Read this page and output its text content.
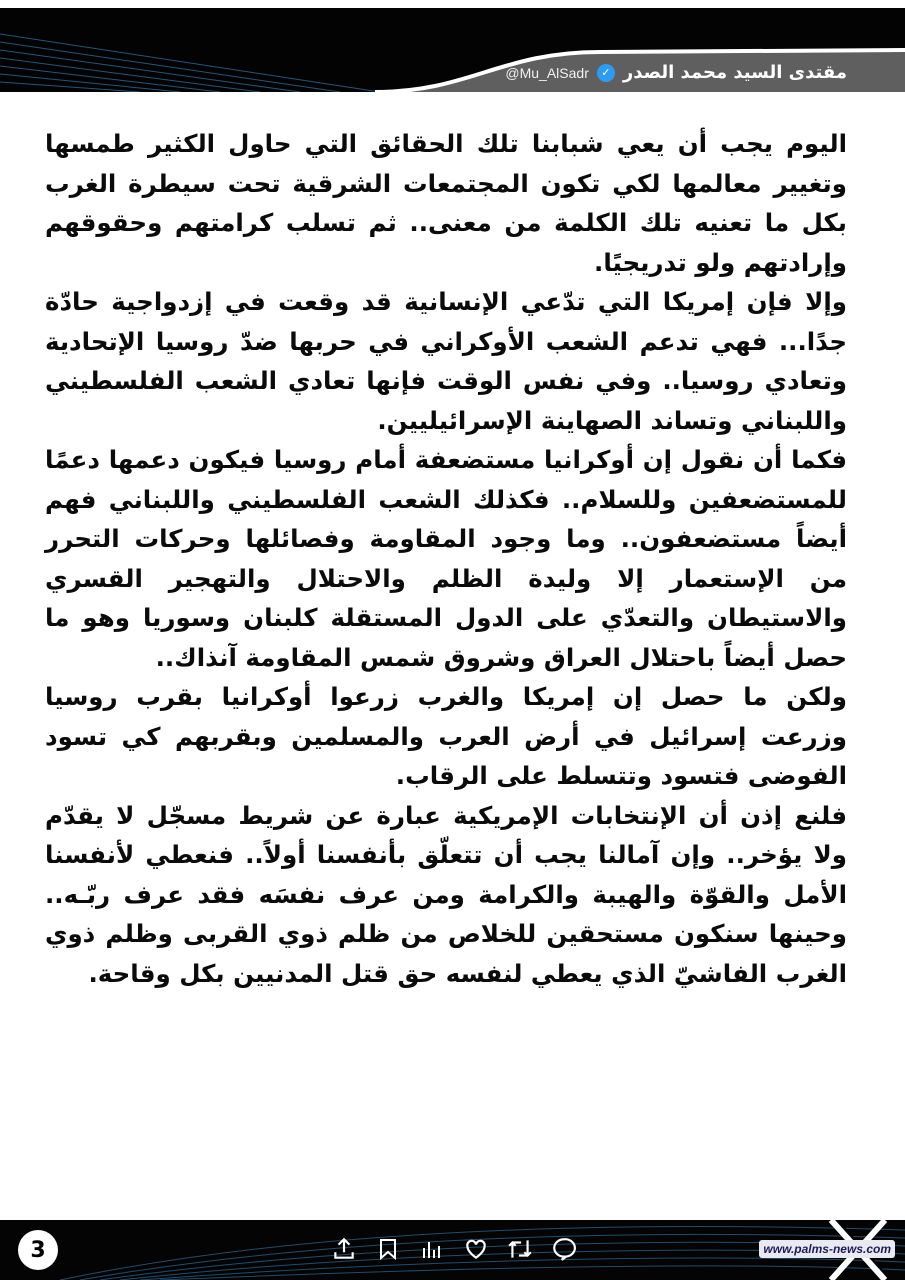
@Mu_AlSadr	✓ مقتدى السيد محمد الصدر

اليوم يجب أن يعي شبابنا تلك الحقائق التي حاول الكثير طمسها وتغيير معالمها لكي تكون المجتمعات الشرقية تحت سيطرة الغرب بكل ما تعنيه تلك الكلمة من معنى.. ثم تسلب كرامتهم وحقوقهم وإرادتهم ولو تدريجيًا.

وإلا فإن إمريكا التي تدّعي الإنسانية قد وقعت في إزدواجية حادّة جدًا... فهي تدعم الشعب الأوكراني في حربها ضدّ روسيا الإتحادية وتعادي روسيا.. وفي نفس الوقت فإنها تعادي الشعب الفلسطيني واللبناني وتساند الصهاينة الإسرائيليين.

فكما أن نقول إن أوكرانيا مستضعفة أمام روسيا فيكون دعمها دعمًا للمستضعفين وللسلام.. فكذلك الشعب الفلسطيني واللبناني فهم أيضاً مستضعفون.. وما وجود المقاومة وفصائلها وحركات التحرر من الإستعمار إلا وليدة الظلم والاحتلال والتهجير القسري والاستيطان والتعدّي على الدول المستقلة كلبنان وسوريا وهو ما حصل أيضاً باحتلال العراق وشروق شمس المقاومة آنذاك..

ولكن ما حصل إن إمريكا والغرب زرعوا أوكرانيا بقرب روسيا وزرعت إسرائيل في أرض العرب والمسلمين وبقربهم كي تسود الفوضى فتسود وتتسلط على الرقاب.

فلنع إذن أن الإنتخابات الإمريكية عبارة عن شريط مسجّل لا يقدّم ولا يؤخر.. وإن آمالنا يجب أن تتعلّق بأنفسنا أولاً.. فنعطي لأنفسنا الأمل والقوّة والهيبة والكرامة ومن عرف نفسَه فقد عرف ربّـه.. وحينها سنكون مستحقين للخلاص من ظلم ذوي القربى وظلم ذوي الغرب الفاشيّ الذي يعطي لنفسه حق قتل المدنيين بكل وقاحة.

3	www.palms-news.com
